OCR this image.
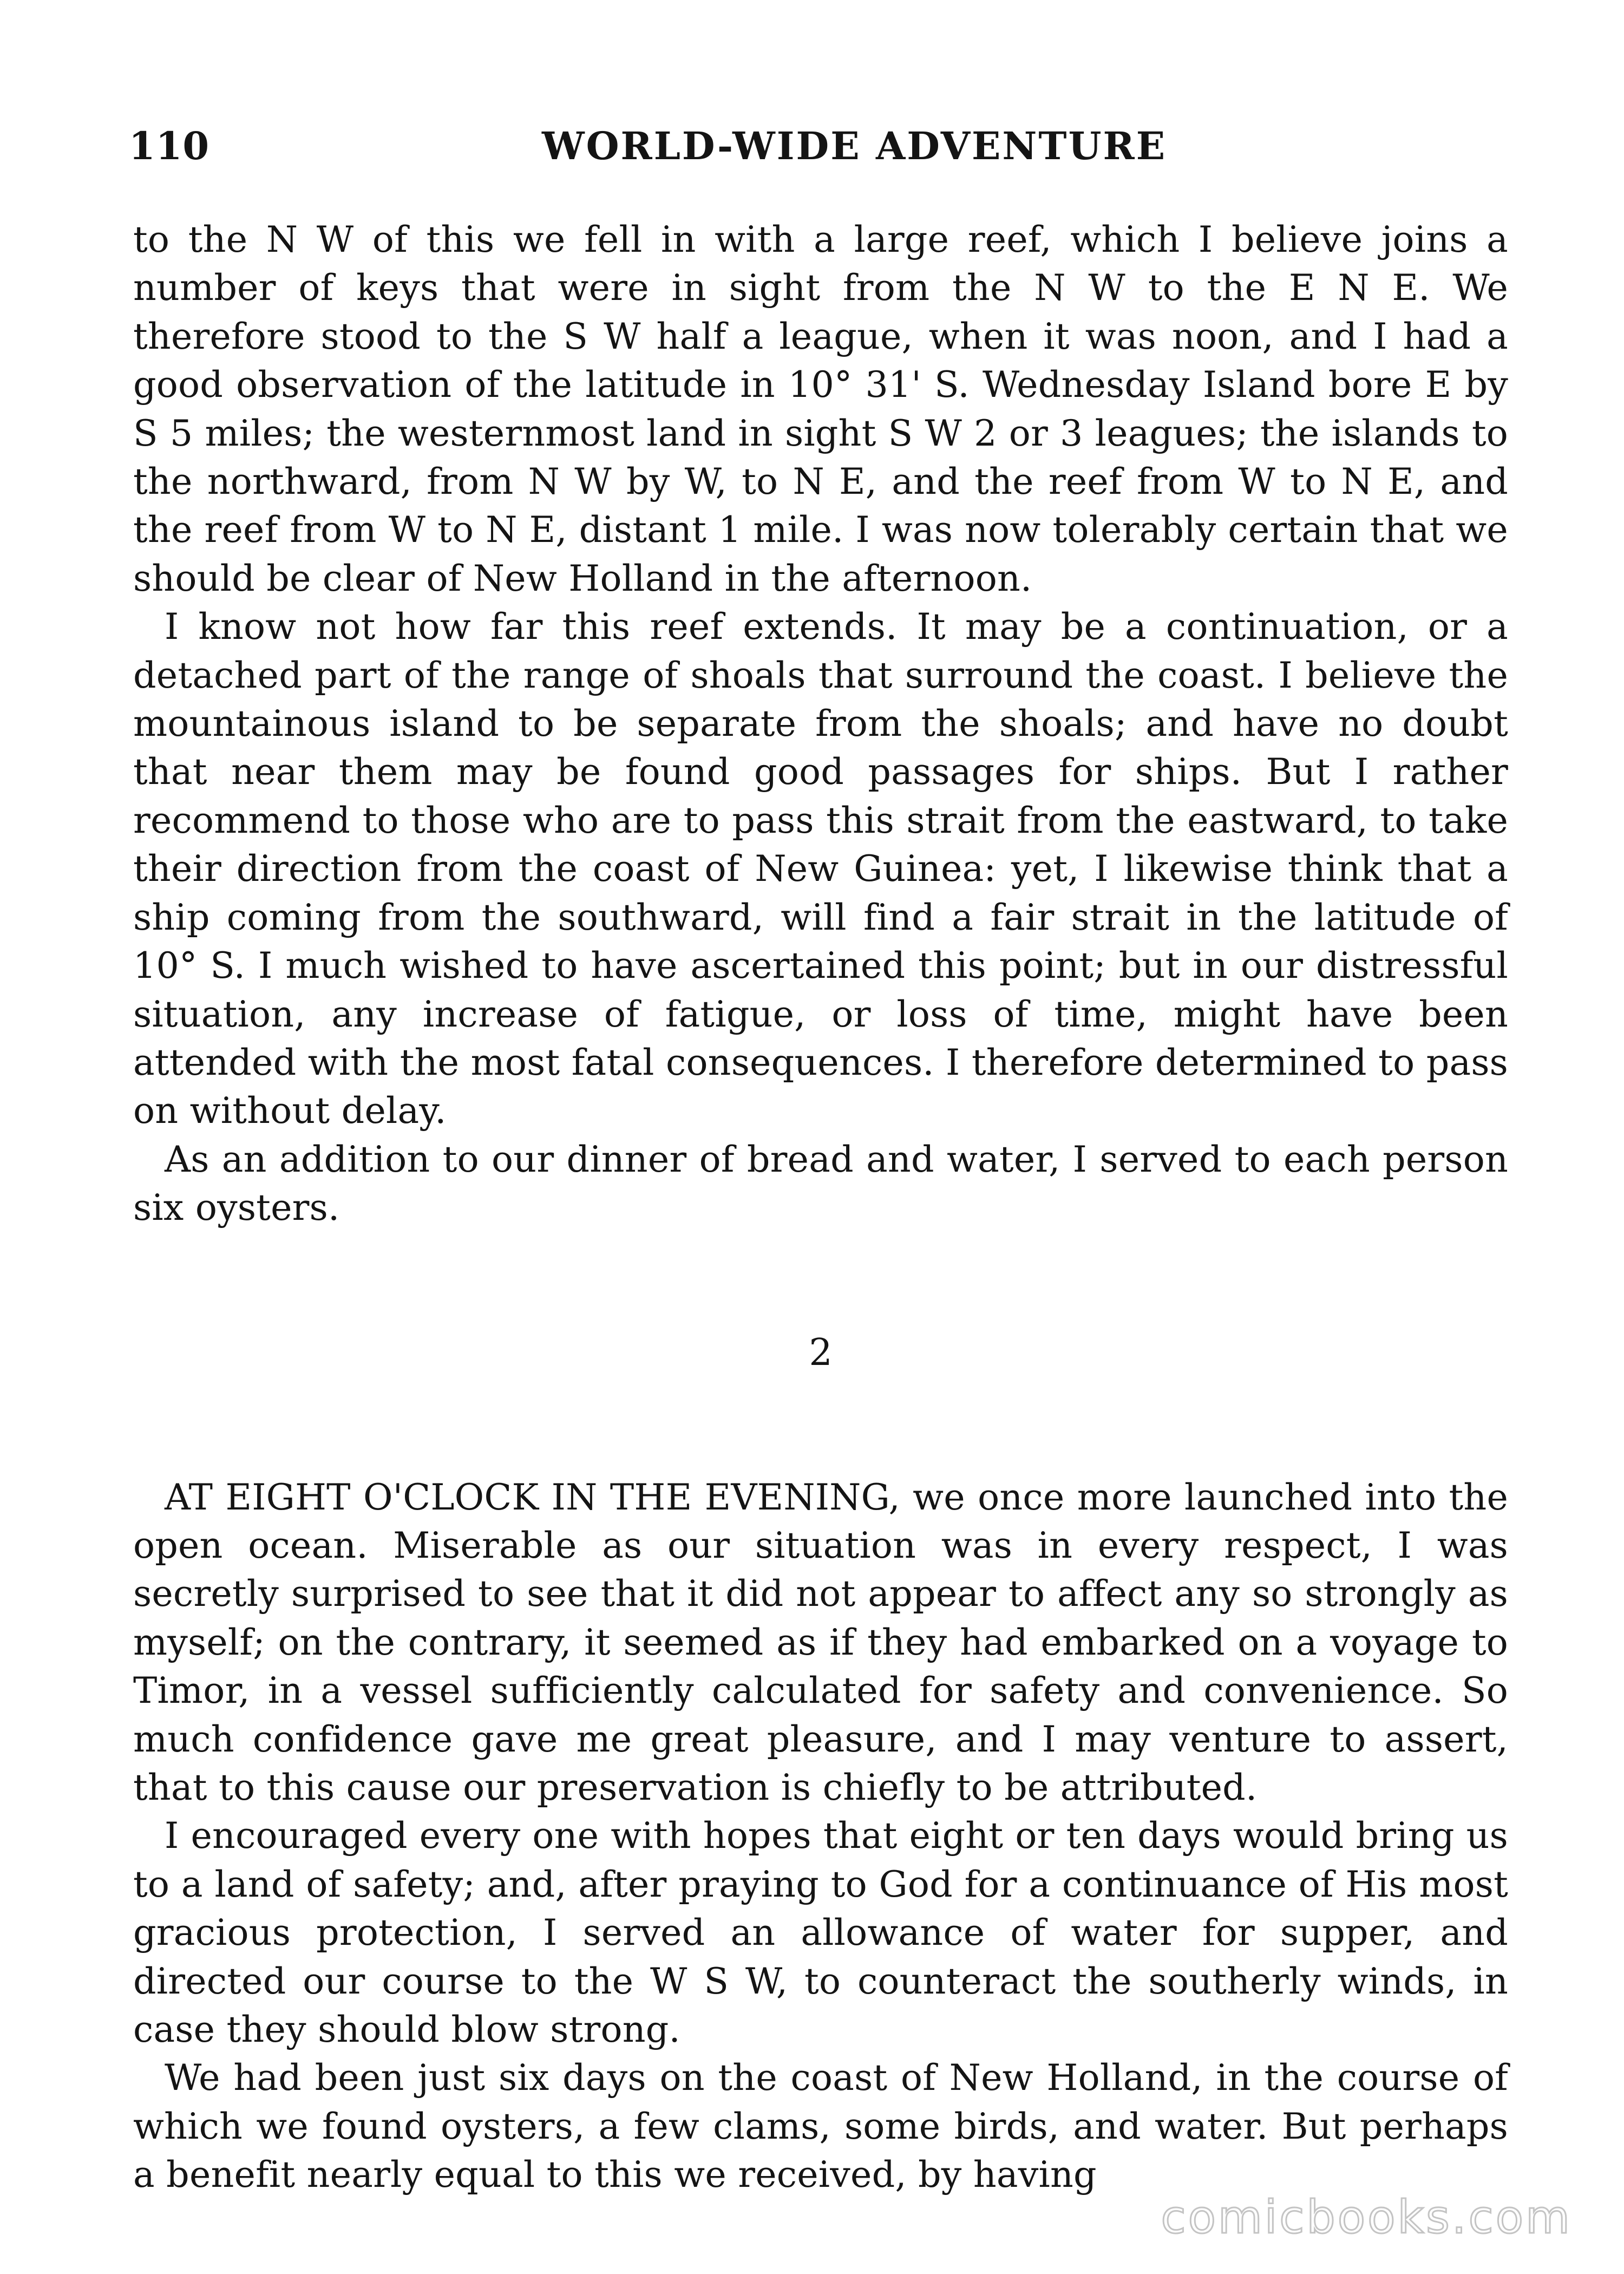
110	WORLD-WIDE ADVENTURE

to the N W of this we fell in with a large reef, which I believe joins a number of keys that were in sight from the N W to the E N E. We therefore stood to the S W half a league, when it was noon, and I had a good observation of the latitude in 10° 31' S. Wednesday Island bore E by S 5 miles; the westernmost land in sight S W 2 or 3 leagues; the islands to the northward, from N W by W, to N E, and the reef from W to N E, and the reef from W to N E, distant 1 mile. I was now tolerably certain that we should be clear of New Holland in the afternoon.

I know not how far this reef extends. It may be a continuation, or a detached part of the range of shoals that surround the coast. I believe the mountainous island to be separate from the shoals; and have no doubt that near them may be found good passages for ships. But I rather recommend to those who are to pass this strait from the eastward, to take their direction from the coast of New Guinea: yet, I likewise think that a ship coming from the southward, will find a fair strait in the latitude of 10° S. I much wished to have ascertained this point; but in our distressful situation, any increase of fatigue, or loss of time, might have been attended with the most fatal consequences. I therefore determined to pass on without delay.

As an addition to our dinner of bread and water, I served to each person six oysters.

2

AT EIGHT O'CLOCK IN THE EVENING, we once more launched into the open ocean. Miserable as our situation was in every respect, I was secretly surprised to see that it did not appear to affect any so strongly as myself; on the contrary, it seemed as if they had embarked on a voyage to Timor, in a vessel sufficiently calculated for safety and convenience. So much confidence gave me great pleasure, and I may venture to assert, that to this cause our preservation is chiefly to be attributed.

I encouraged every one with hopes that eight or ten days would bring us to a land of safety; and, after praying to God for a continuance of His most gracious protection, I served an allowance of water for supper, and directed our course to the W S W, to counteract the southerly winds, in case they should blow strong.

We had been just six days on the coast of New Holland, in the course of which we found oysters, a few clams, some birds, and water. But perhaps a benefit nearly equal to this we received, by having

comicbooks.com
